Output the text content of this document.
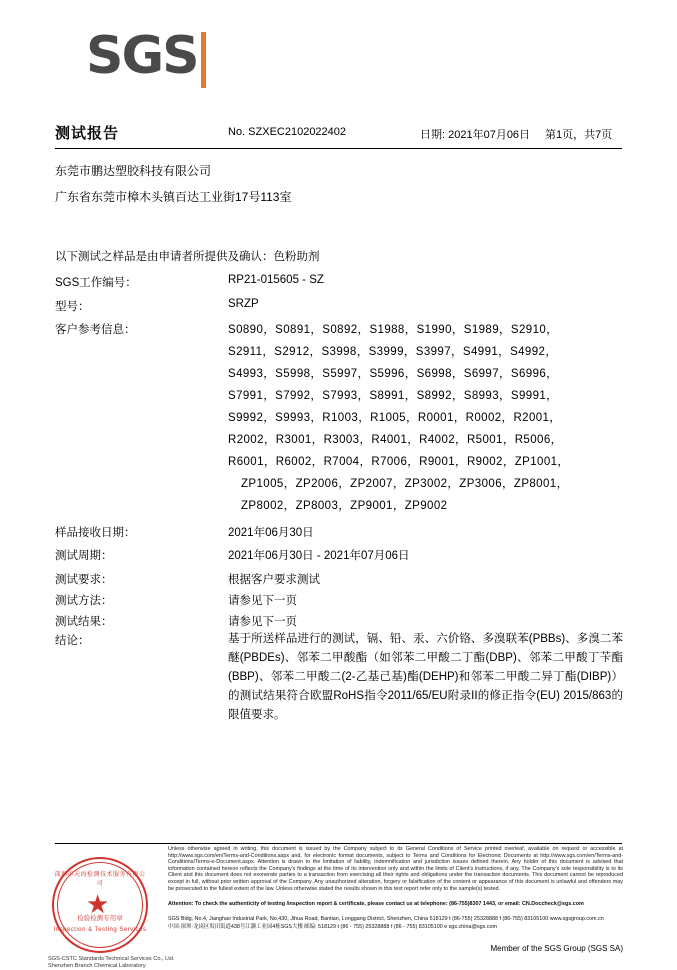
SGS
测试报告	No. SZXEC2102022402	日期: 2021年07月06日 第1页，共7页
东莞市鹏达塑胶科技有限公司
广东省东莞市樟木头镇百达工业街17号113室
以下测试之样品是由申请者所提供及确认：色粉助剂
SGS工作编号：	RP21-015605 - SZ
型号：	SRZP
客户参考信息：	S0890，S0891，S0892，S1988，S1990，S1989，S2910，
S2911，S2912，S3998，S3999，S3997，S4991，S4992，
S4993，S5998，S5997，S5996，S6998，S6997，S6996，
S7991，S7992，S7993，S8991，S8992，S8993，S9991，
S9992，S9993，R1003，R1005，R0001，R0002，R2001，
R2002，R3001，R3003，R4001，R4002，R5001，R5006，
R6001，R6002，R7004，R7006，R9001，R9002，ZP1001，
ZP1005，ZP2006，ZP2007，ZP3002，ZP3006，ZP8001，
ZP8002，ZP8003，ZP9001，ZP9002
样品接收日期：	2021年06月30日
测试周期：	2021年06月30日 - 2021年07月06日
测试要求：	根据客户要求测试
测试方法：	请参见下一页
测试结果：	请参见下一页
结论：	基于所送样品进行的测试，镉、铅、汞、六价铬、多溴联苯(PBBs)、多溴二苯醚(PBDEs)、邻苯二甲酸酯（如邻苯二甲酸二丁酯(DBP)、邻苯二甲酸丁苄酯(BBP)、邻苯二甲酸二(2-乙基己基)酯(DEHP)和邻苯二甲酸二异丁酯(DIBP)）的测试结果符合欧盟RoHS指令2011/65/EU附录II的修正指令(EU) 2015/863的限值要求。
深圳市天海检测技术服务有限公司
★
检验检测专用章
Inspection & Testing Services
SGS-CSTC Standards Technical Services Co., Ltd.
Shenzhen Branch Chemical Laboratory
Unless otherwise agreed in writing, this document is issued by the Company subject to its General Conditions of Service printed overleaf, available on request or accessible at http://www.sgs.com/en/Terms-and-Conditions.aspx and, for electronic format documents, subject to Terms and Conditions for Electronic Documents at http://www.sgs.com/en/Terms-and-Conditions/Terms-e-Document.aspx. Attention is drawn to the limitation of liability, indemnification and jurisdiction issues defined therein. Any holder of this document is advised that information contained hereon reflects the Company's findings at the time of its intervention only and within the limits of Client's instructions, if any. The Company's sole responsibility is to its Client and this document does not exonerate parties to a transaction from exercising all their rights and obligations under the transaction documents. This document cannot be reproduced except in full, without prior written approval of the Company. Any unauthorized alteration, forgery or falsification of the content or appearance of this document is unlawful and offenders may be prosecuted to the fullest extent of the law. Unless otherwise stated the results shown in this test report refer only to the sample(s) tested.
Attention: To check the authenticity of testing /inspection report & certificate, please contact us at telephone: (86-755)8307 1443, or email: CN.Doccheck@sgs.com
SGS Bldg, No.4, Jianghao Industrial Park, No.430, Jihua Road, Bantian, Longgang District, Shenzhen, China 518129 t (86-755) 25328888 f (86-755) 83105100 www.sgsgroup.com.cn
中国·深圳·龙岗区坂田街道438号江灏工业园4栋SGS大楼 邮编: 518129 t (86 - 755) 25328888 f (86 - 755) 83105100 e sgs.china@sgs.com
Member of the SGS Group (SGS SA)
